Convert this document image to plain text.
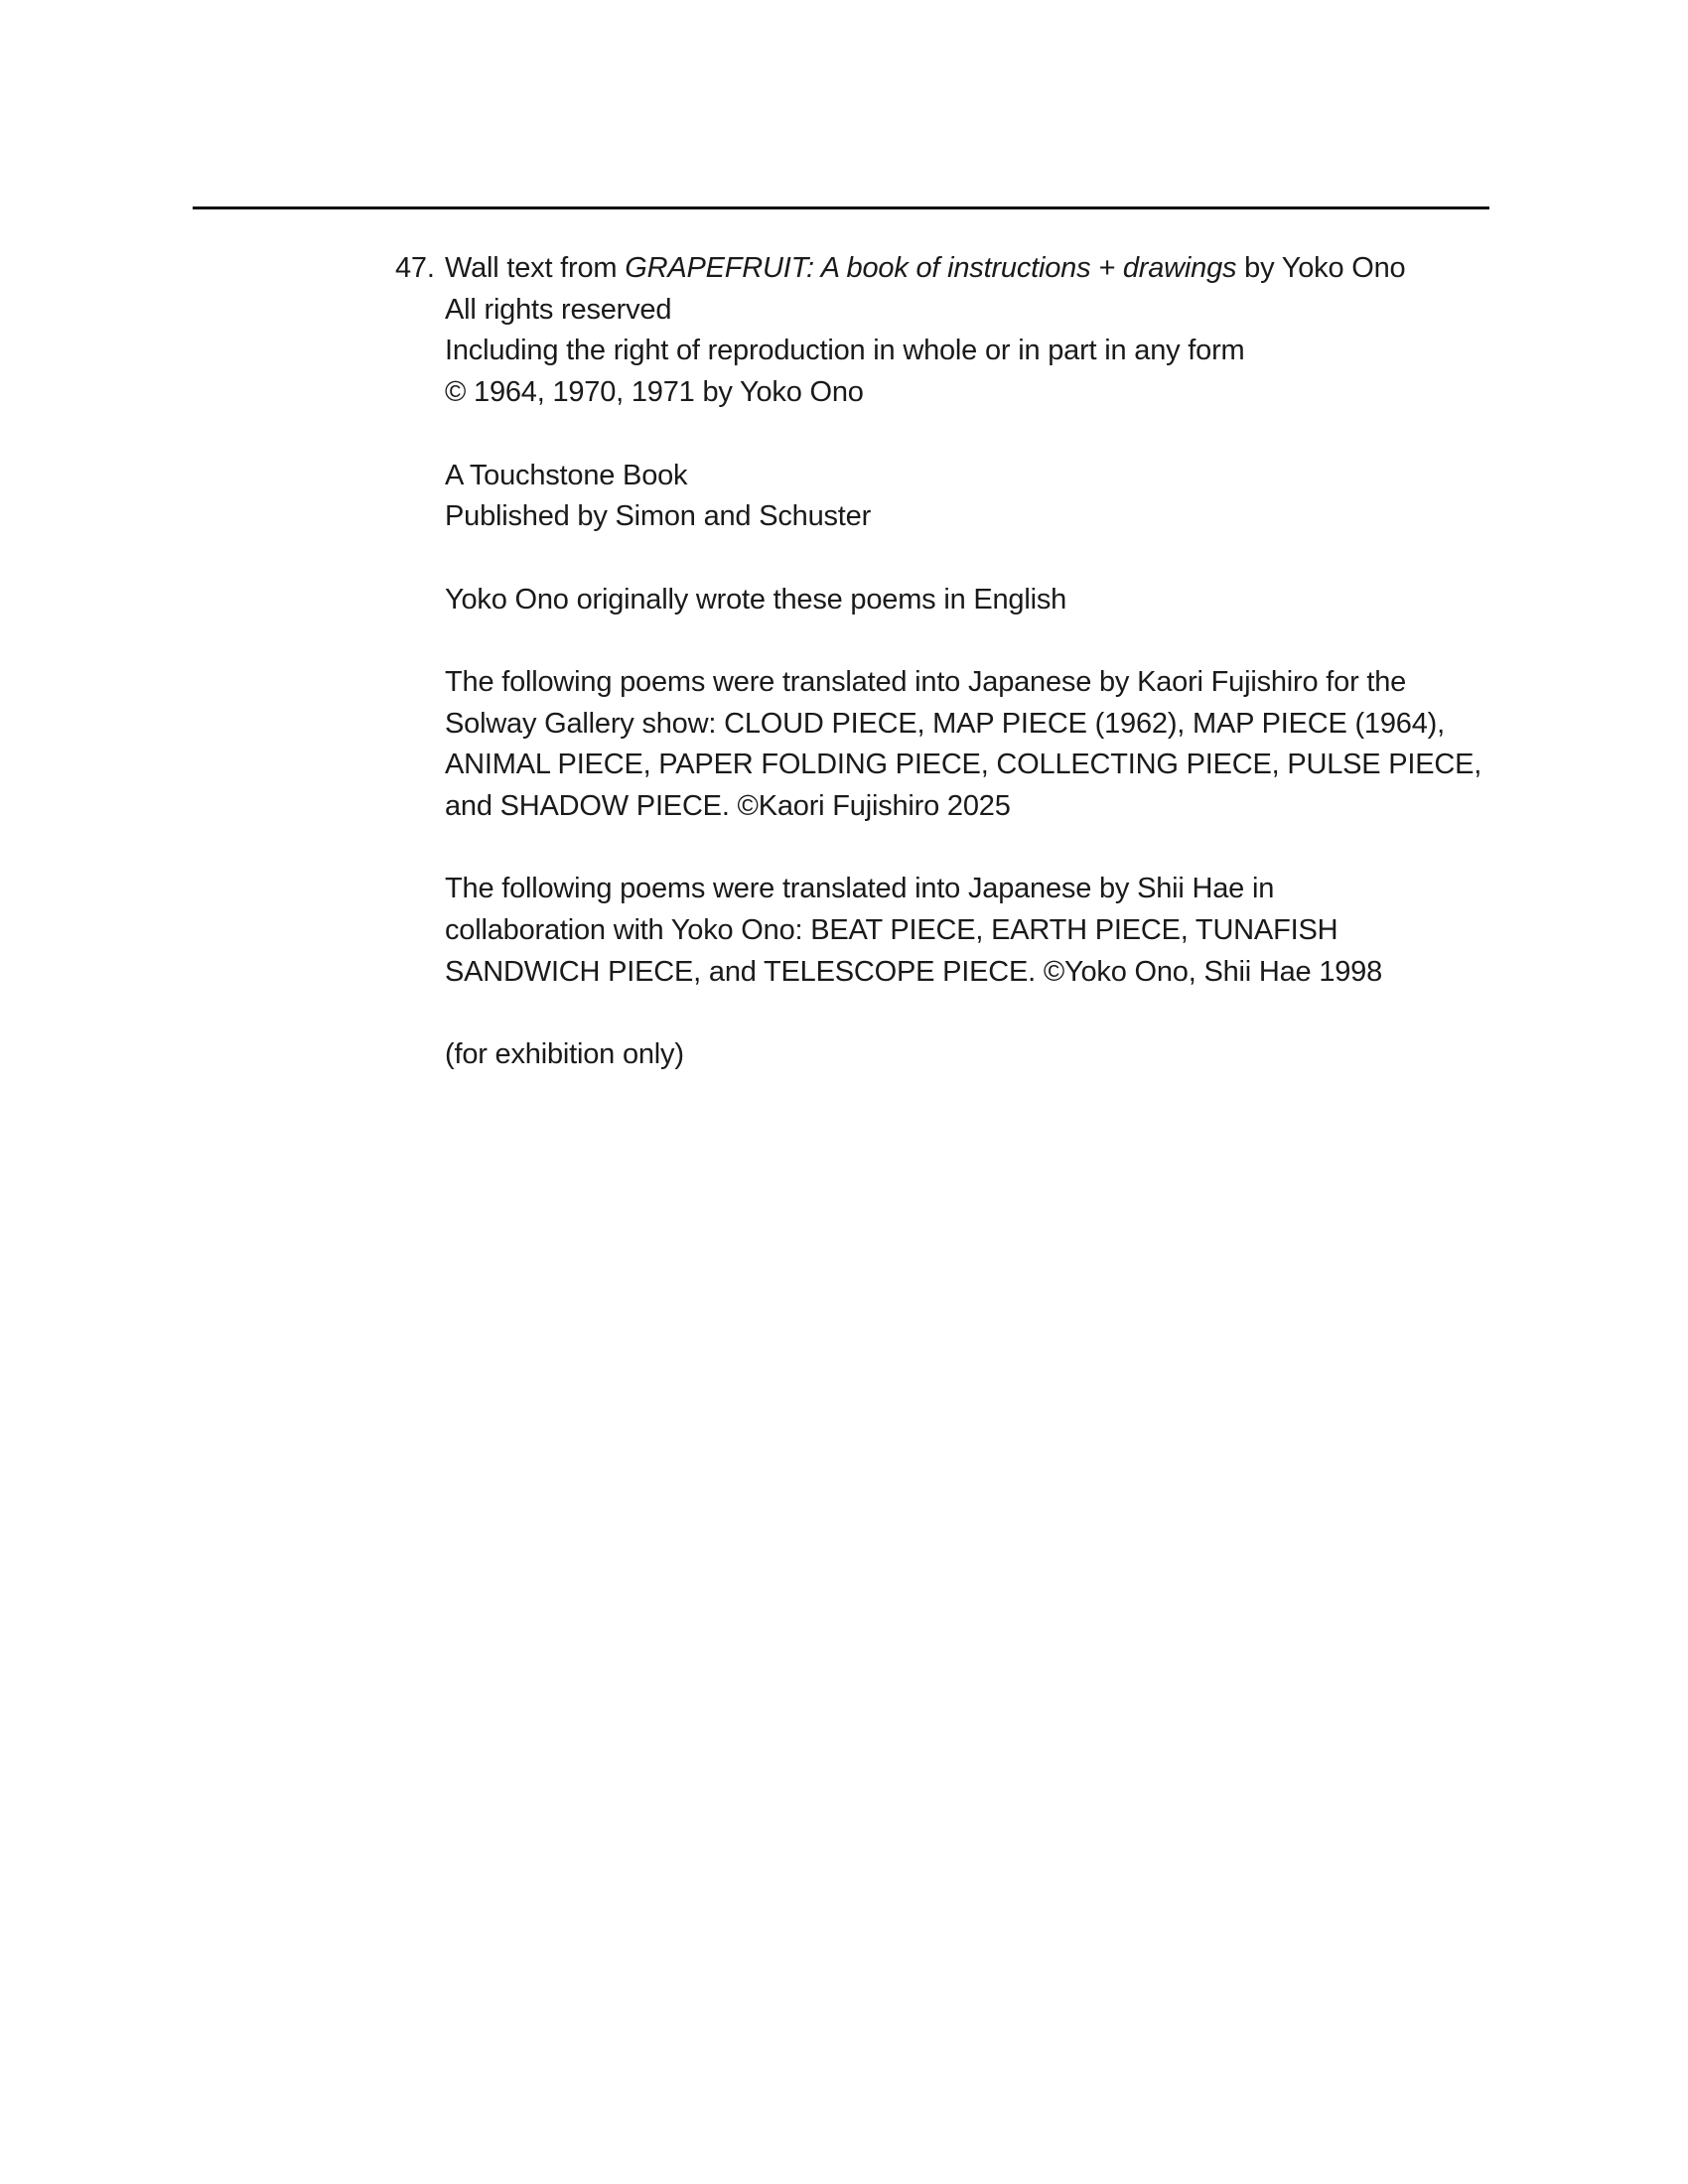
47. Wall text from GRAPEFRUIT: A book of instructions + drawings by Yoko Ono
All rights reserved
Including the right of reproduction in whole or in part in any form
© 1964, 1970, 1971 by Yoko Ono
A Touchstone Book
Published by Simon and Schuster
Yoko Ono originally wrote these poems in English
The following poems were translated into Japanese by Kaori Fujishiro for the
Solway Gallery show: CLOUD PIECE, MAP PIECE (1962), MAP PIECE (1964),
ANIMAL PIECE, PAPER FOLDING PIECE, COLLECTING PIECE, PULSE PIECE,
and SHADOW PIECE. ©Kaori Fujishiro 2025
The following poems were translated into Japanese by Shii Hae in
collaboration with Yoko Ono: BEAT PIECE, EARTH PIECE, TUNAFISH
SANDWICH PIECE, and TELESCOPE PIECE. ©Yoko Ono, Shii Hae 1998
(for exhibition only)
